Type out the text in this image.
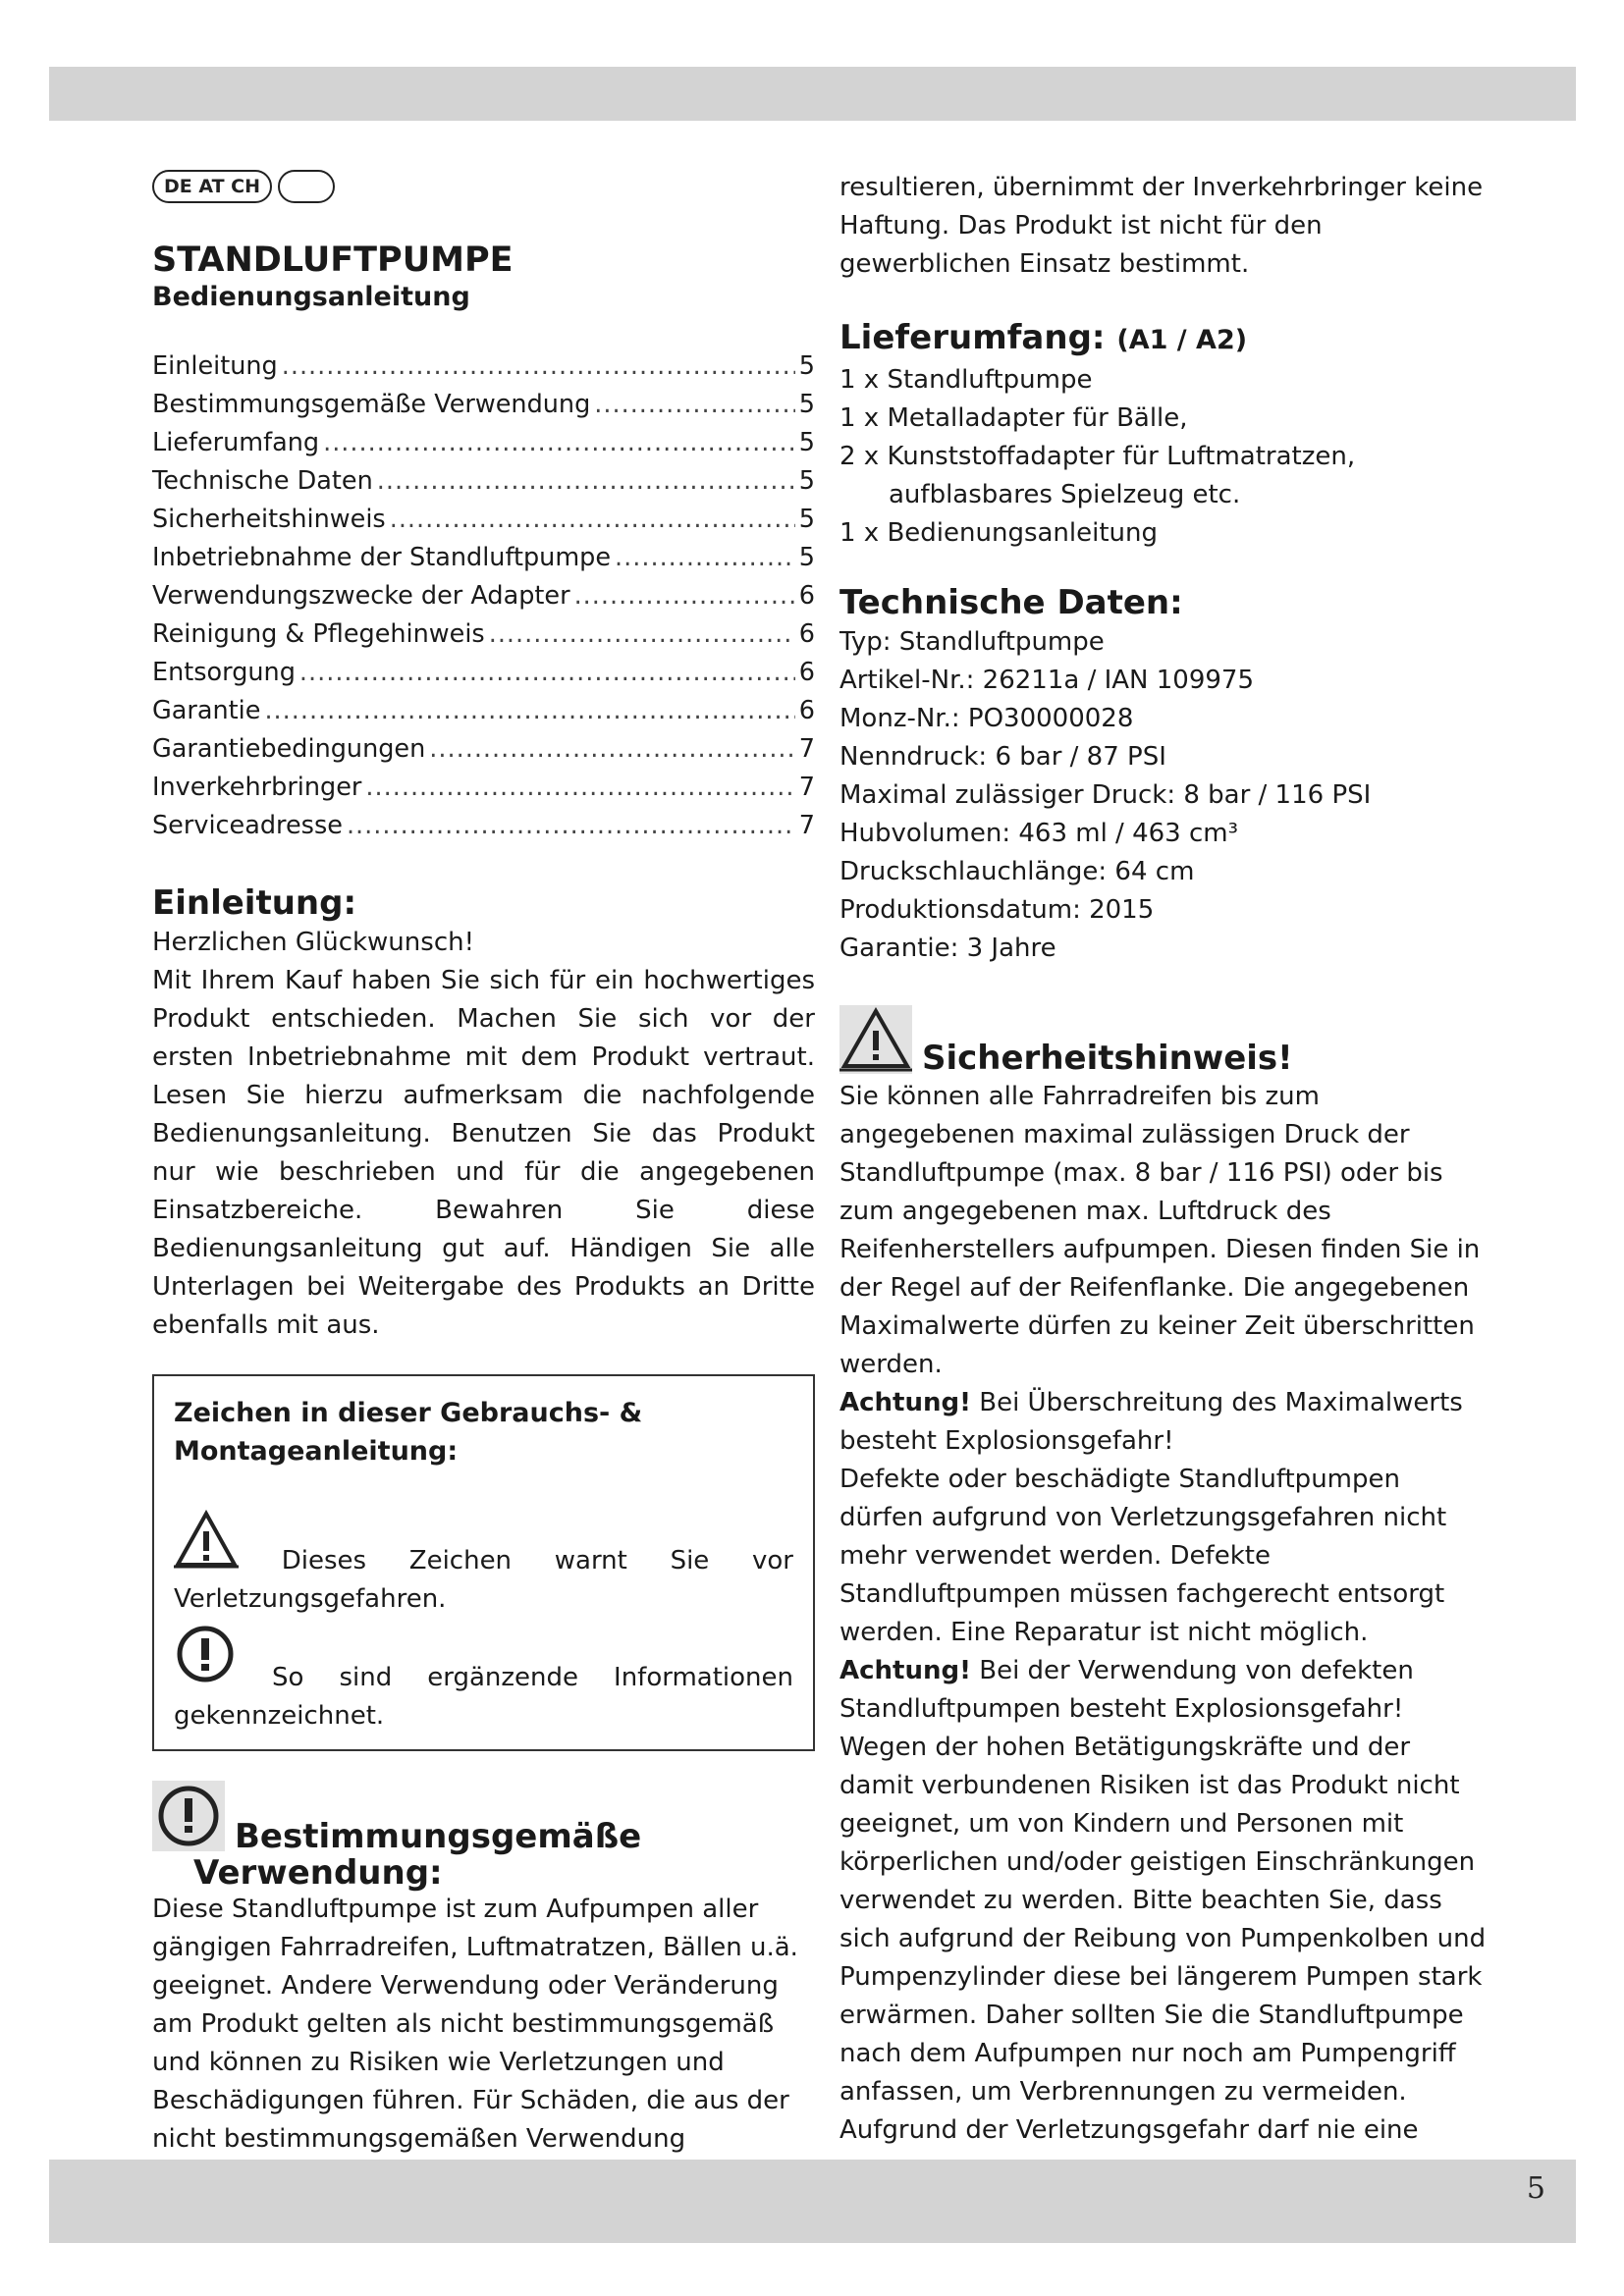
DE AT CH
STANDLUFTPUMPE
Bedienungsanleitung
Einleitung .....	5
Bestimmungsgemäße Verwendung .....	5
Lieferumfang .....	5
Technische Daten .....	5
Sicherheitshinweis .....	5
Inbetriebnahme der Standluftpumpe .....	5
Verwendungszwecke der Adapter .....	6
Reinigung & Pflegehinweis .....	6
Entsorgung .....	6
Garantie .....	6
Garantiebedingungen .....	7
Inverkehrbringer .....	7
Serviceadresse .....	7
Einleitung:
Herzlichen Glückwunsch!
Mit Ihrem Kauf haben Sie sich für ein hochwertiges Produkt entschieden. Machen Sie sich vor der ersten Inbetriebnahme mit dem Produkt vertraut. Lesen Sie hierzu aufmerksam die nachfolgende Bedienungsanleitung. Benutzen Sie das Produkt nur wie beschrieben und für die angegebenen Einsatzbereiche. Bewahren Sie diese Bedienungsanleitung gut auf. Händigen Sie alle Unterlagen bei Weitergabe des Produkts an Dritte ebenfalls mit aus.
Zeichen in dieser Gebrauchs- & Montageanleitung:
Dieses Zeichen warnt Sie vor Verletzungsgefahren.
So sind ergänzende Informationen gekennzeichnet.
Bestimmungsgemäße
Verwendung:
Diese Standluftpumpe ist zum Aufpumpen aller gängigen Fahrradreifen, Luftmatratzen, Bällen u.ä. geeignet. Andere Verwendung oder Veränderung am Produkt gelten als nicht bestimmungsgemäß und können zu Risiken wie Verletzungen und Beschädigungen führen. Für Schäden, die aus der nicht bestimmungsgemäßen Verwendung
resultieren, übernimmt der Inverkehrbringer keine Haftung. Das Produkt ist nicht für den gewerblichen Einsatz bestimmt.
Lieferumfang: (A1 / A2)
1 x Standluftpumpe
1 x Metalladapter für Bälle,
2 x Kunststoffadapter für Luftmatratzen,
aufblasbares Spielzeug etc.
1 x Bedienungsanleitung
Technische Daten:
Typ: Standluftpumpe
Artikel-Nr.: 26211a / IAN 109975
Monz-Nr.: PO30000028
Nenndruck: 6 bar / 87 PSI
Maximal zulässiger Druck: 8 bar / 116 PSI
Hubvolumen: 463 ml / 463 cm³
Druckschlauchlänge: 64 cm
Produktionsdatum: 2015
Garantie: 3 Jahre
Sicherheitshinweis!
Sie können alle Fahrradreifen bis zum angegebenen maximal zulässigen Druck der Standluftpumpe (max. 8 bar / 116 PSI) oder bis zum angegebenen max. Luftdruck des Reifenherstellers aufpumpen. Diesen finden Sie in der Regel auf der Reifenflanke. Die angegebenen Maximalwerte dürfen zu keiner Zeit überschritten werden.
Achtung! Bei Überschreitung des Maximalwerts besteht Explosionsgefahr!
Defekte oder beschädigte Standluftpumpen dürfen aufgrund von Verletzungsgefahren nicht mehr verwendet werden. Defekte Standluftpumpen müssen fachgerecht entsorgt werden. Eine Reparatur ist nicht möglich.
Achtung! Bei der Verwendung von defekten Standluftpumpen besteht Explosionsgefahr!
Wegen der hohen Betätigungskräfte und der damit verbundenen Risiken ist das Produkt nicht geeignet, um von Kindern und Personen mit körperlichen und/oder geistigen Einschränkungen verwendet zu werden. Bitte beachten Sie, dass sich aufgrund der Reibung von Pumpenkolben und Pumpenzylinder diese bei längerem Pumpen stark erwärmen. Daher sollten Sie die Standluftpumpe nach dem Aufpumpen nur noch am Pumpengriff anfassen, um Verbrennungen zu vermeiden. Aufgrund der Verletzungsgefahr darf nie eine
5
